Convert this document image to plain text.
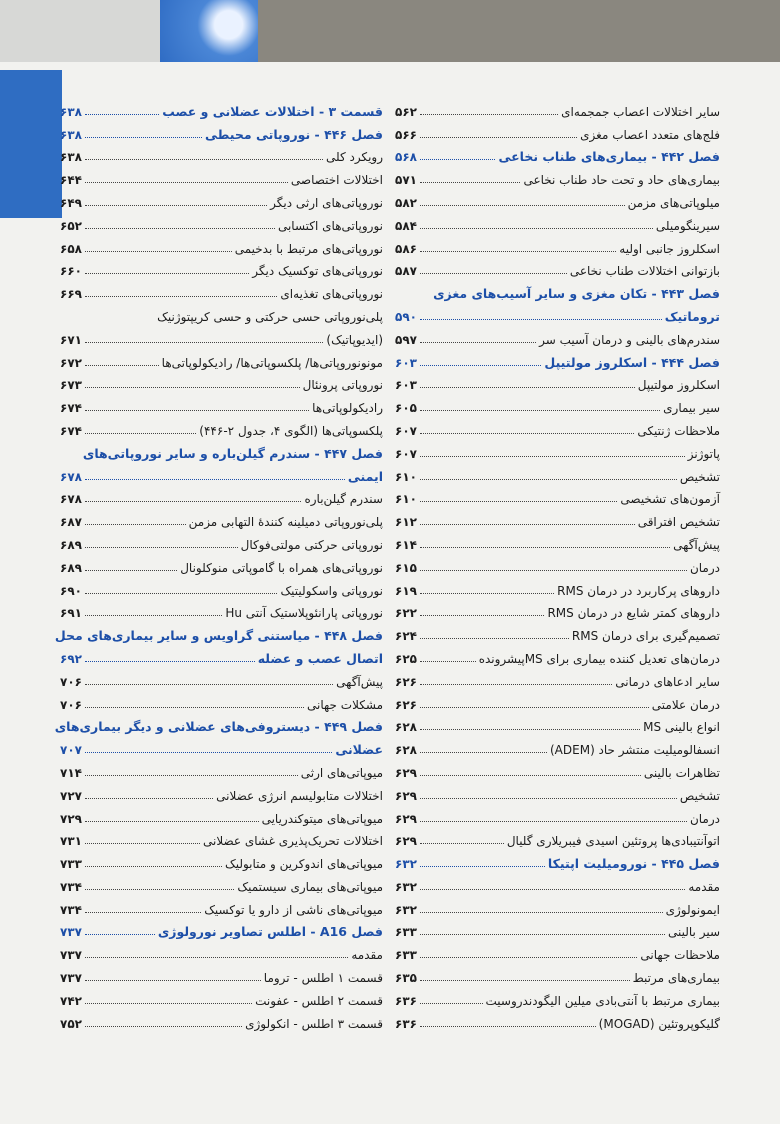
سایر اختلالات اعصاب جمجمه‌ای
۵۶۲
فلج‌های متعدد اعصاب مغزی
۵۶۶
فصل ۴۴۲ - بیماری‌های طناب نخاعی
۵۶۸
بیماری‌های حاد و تحت حاد طناب نخاعی
۵۷۱
میلوپاتی‌های مزمن
۵۸۲
سیرینگومیلی
۵۸۴
اسکلروز جانبی اولیه
۵۸۶
بازتوانی اختلالات طناب نخاعی
۵۸۷
فصل ۴۴۳ - تکان مغزی و سایر آسیب‌های مغزی
تروماتیک
۵۹۰
سندرم‌های بالینی و درمان آسیب سر
۵۹۷
فصل ۴۴۴ - اسکلروز مولتیپل
۶۰۳
اسکلروز مولتیپل
۶۰۳
سیر بیماری
۶۰۵
ملاحظات ژنتیکی
۶۰۷
پاتوژنز
۶۰۷
تشخیص
۶۱۰
آزمون‌های تشخیصی
۶۱۰
تشخیص افتراقی
۶۱۲
پیش‌آگهی
۶۱۴
درمان
۶۱۵
داروهای پرکاربرد در درمان RMS
۶۱۹
داروهای کمتر شایع در درمان RMS
۶۲۲
تصمیم‌گیری برای درمان RMS
۶۲۴
درمان‌های تعدیل کننده بیماری برای MSپیشرونده
۶۲۵
سایر ادعاهای درمانی
۶۲۶
درمان علامتی
۶۲۶
انواع بالینی MS
۶۲۸
انسفالومیلیت منتشر حاد (ADEM)
۶۲۸
تظاهرات بالینی
۶۲۹
تشخیص
۶۲۹
درمان
۶۲۹
اتوآنتیبادی‌ها پروتئین اسیدی فیبریلاری گلیال
۶۲۹
فصل ۴۴۵ - نورومیلیت اپتیکا
۶۳۲
مقدمه
۶۳۲
ایمونولوژی
۶۳۲
سیر بالینی
۶۳۳
ملاحظات جهانی
۶۳۳
بیماری‌های مرتبط
۶۳۵
بیماری مرتبط با آنتی‌بادی میلین الیگودندروسیت
۶۳۶
گلیکوپروتئین (MOGAD)
۶۳۶
قسمت ۳ - اختلالات عضلانی و عصب
۶۳۸
فصل ۴۴۶ - نوروپاتی محیطی
۶۳۸
رویکرد کلی
۶۳۸
اختلالات اختصاصی
۶۴۴
نوروپاتی‌های ارثی دیگر
۶۴۹
نوروپاتی‌های اکتسابی
۶۵۲
نوروپاتی‌های مرتبط با بدخیمی
۶۵۸
نوروپاتی‌های توکسیک دیگر
۶۶۰
نوروپاتی‌های تغذیه‌ای
۶۶۹
پلی‌نوروپاتی حسی حرکتی و حسی کریپتوژنیک
(ایدیوپاتیک)
۶۷۱
مونونوروپاتی‌ها/ پلکسوپاتی‌ها/ رادیکولوپاتی‌ها
۶۷۲
نوروپاتی پرونئال
۶۷۳
رادیکولوپاتی‌ها
۶۷۴
پلکسوپاتی‌ها (الگوی ۴، جدول ۲-۴۴۶)
۶۷۴
فصل ۴۴۷ - سندرم گیلن‌باره و سایر نوروپاتی‌های
ایمنی
۶۷۸
سندرم گیلن‌باره
۶۷۸
پلی‌نوروپاتی دمیلینه کنندهٔ التهابی مزمن
۶۸۷
نوروپاتی حرکتی مولتی‌فوکال
۶۸۹
نوروپاتی‌های همراه با گاموپاتی منوکلونال
۶۸۹
نوروپاتی واسکولیتیک
۶۹۰
نوروپاتی پارانئوپلاستیک آنتی Hu
۶۹۱
فصل ۴۴۸ - میاستنی گراویس و سایر بیماری‌های محل
اتصال عصب و عضله
۶۹۲
پیش‌آگهی
۷۰۶
مشکلات جهانی
۷۰۶
فصل ۴۴۹ - دیستروفی‌های عضلانی و دیگر بیماری‌های
عضلانی
۷۰۷
میوپاتی‌های ارثی
۷۱۴
اختلالات متابولیسم انرژی عضلانی
۷۲۷
میوپاتی‌های میتوکندریایی
۷۲۹
اختلالات تحریک‌پذیری غشای عضلانی
۷۳۱
میوپاتی‌های اندوکرین و متابولیک
۷۳۳
میوپاتی‌های بیماری سیستمیک
۷۳۴
میوپاتی‌های ناشی از دارو یا توکسیک
۷۳۴
فصل A16 - اطلس تصاویر نورولوژی
۷۳۷
مقدمه
۷۳۷
قسمت ۱ اطلس - تروما
۷۳۷
قسمت ۲ اطلس - عفونت
۷۴۲
قسمت ۳ اطلس - انکولوژی
۷۵۲
